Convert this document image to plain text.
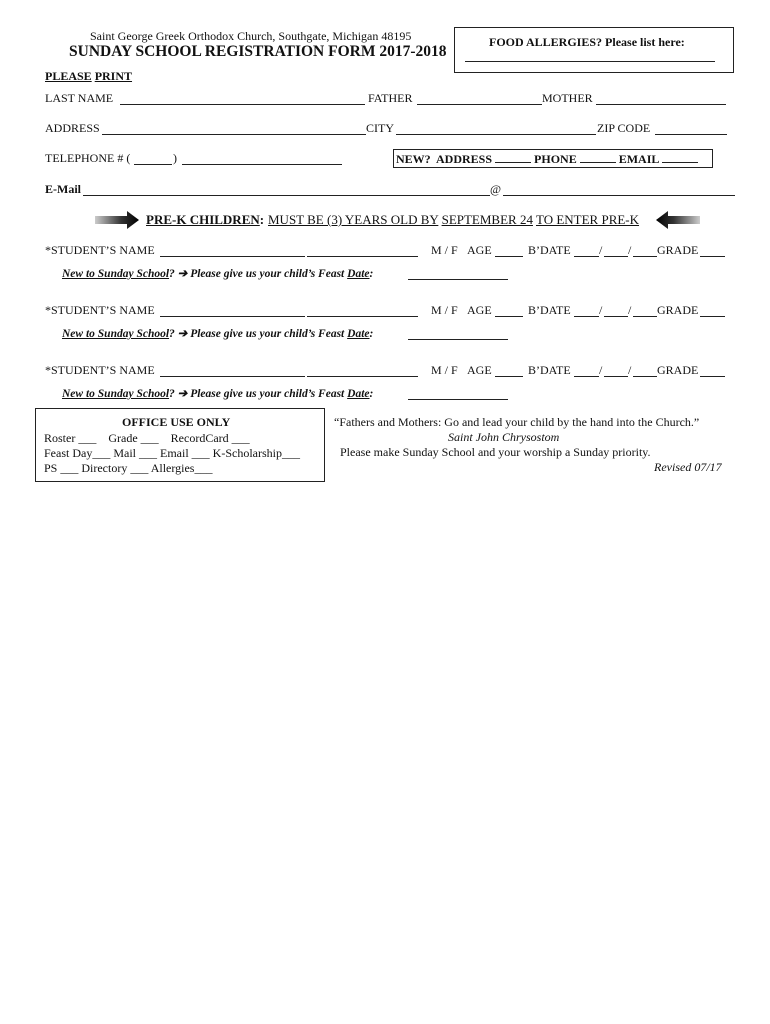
Saint George Greek Orthodox Church, Southgate, Michigan 48195
SUNDAY SCHOOL REGISTRATION FORM 2017-2018
FOOD ALLERGIES? Please list here:
PLEASE PRINT
LAST NAME	FATHER	MOTHER
ADDRESS	CITY	ZIP CODE
TELEPHONE # (	)	NEW? ADDRESS	PHONE	EMAIL
E-Mail	@
PRE-K CHILDREN: MUST BE (3) YEARS OLD BY SEPTEMBER 24 TO ENTER PRE-K
*STUDENT’S NAME	M / F AGE	B’DATE / / GRADE
New to Sunday School? ➔ Please give us your child’s Feast Date:
*STUDENT’S NAME	M / F AGE	B’DATE / / GRADE
New to Sunday School? ➔ Please give us your child’s Feast Date:
*STUDENT’S NAME	M / F AGE	B’DATE / / GRADE
New to Sunday School? ➔ Please give us your child’s Feast Date:
OFFICE USE ONLY
Roster ___    Grade ___    RecordCard ___
Feast Day___ Mail ___ Email ___ K-Scholarship___
PS ___ Directory ___ Allergies___
“Fathers and Mothers: Go and lead your child by the hand into the Church.”
Saint John Chrysostom
Please make Sunday School and your worship a Sunday priority.
Revised 07/17
